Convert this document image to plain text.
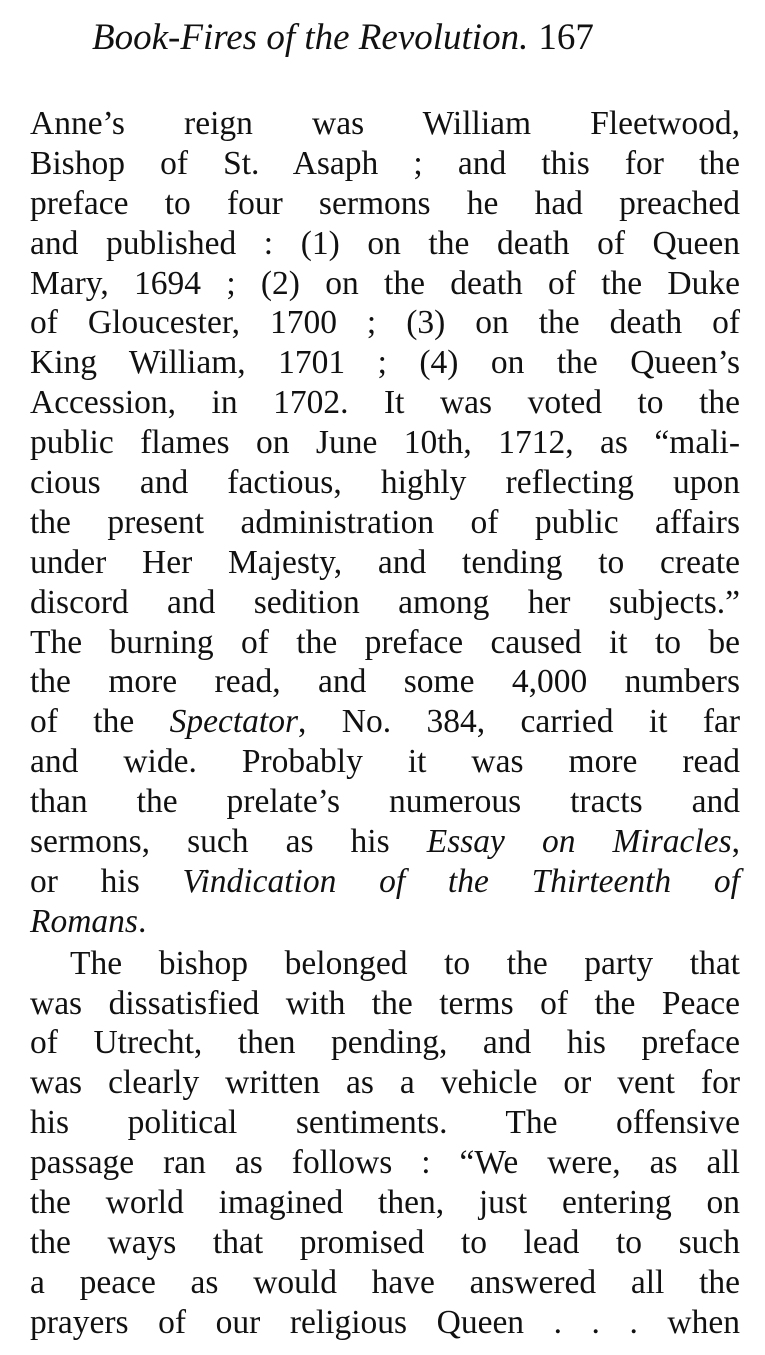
Book-Fires of the Revolution. 167
Anne’s reign was William Fleetwood,
Bishop of St. Asaph ; and this for the
preface to four sermons he had preached
and published : (1) on the death of Queen
Mary, 1694 ; (2) on the death of the Duke
of Gloucester, 1700 ; (3) on the death of
King William, 1701 ; (4) on the Queen’s
Accession, in 1702. It was voted to the
public flames on June 10th, 1712, as “mali-
cious and factious, highly reflecting upon
the present administration of public affairs
under Her Majesty, and tending to create
discord and sedition among her subjects.”
The burning of the preface caused it to be
the more read, and some 4,000 numbers
of the Spectator, No. 384, carried it far
and wide. Probably it was more read
than the prelate’s numerous tracts and
sermons, such as his Essay on Miracles,
or his Vindication of the Thirteenth of
Romans.
The bishop belonged to the party that
was dissatisfied with the terms of the Peace
of Utrecht, then pending, and his preface
was clearly written as a vehicle or vent for
his political sentiments. The offensive
passage ran as follows : “We were, as all
the world imagined then, just entering on
the ways that promised to lead to such
a peace as would have answered all the
prayers of our religious Queen . . . when
